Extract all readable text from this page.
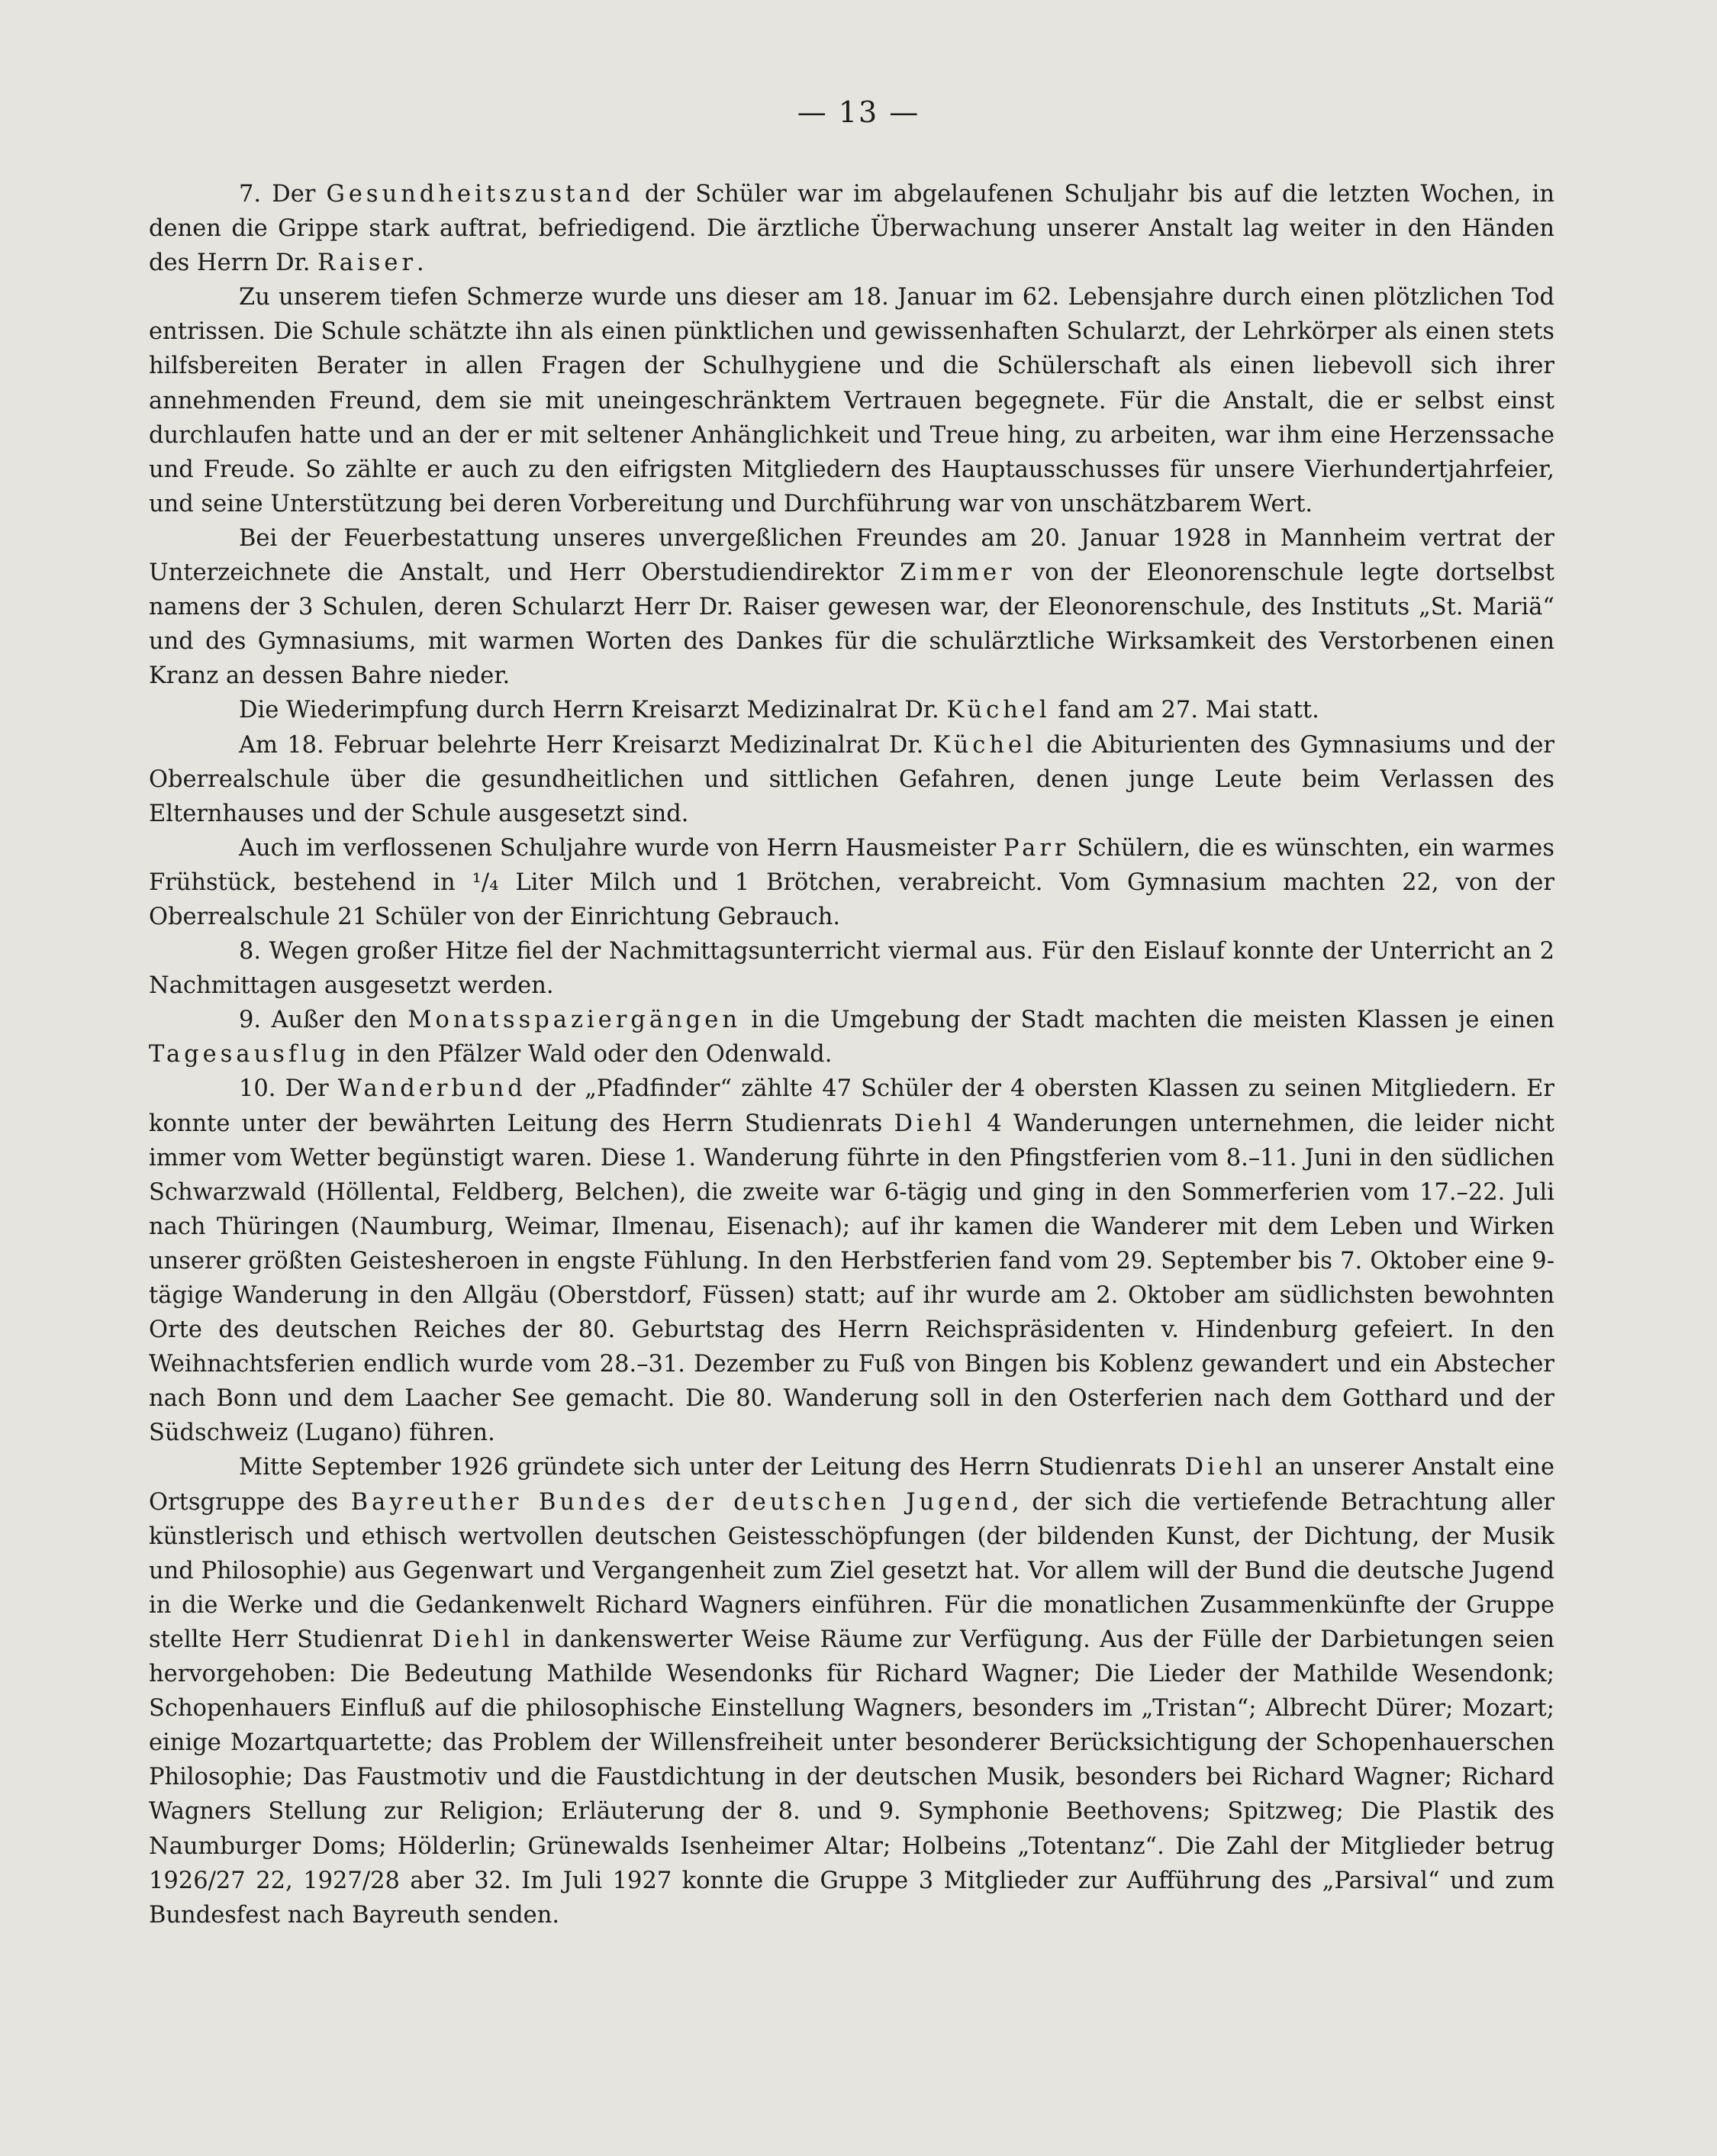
— 13 —

7. Der Gesundheitszustand der Schüler war im abgelaufenen Schuljahr bis auf die letzten Wochen, in denen die Grippe stark auftrat, befriedigend. Die ärztliche Überwachung unserer Anstalt lag weiter in den Händen des Herrn Dr. Raiser.

Zu unserem tiefen Schmerze wurde uns dieser am 18. Januar im 62. Lebensjahre durch einen plötzlichen Tod entrissen. Die Schule schätzte ihn als einen pünktlichen und gewissenhaften Schularzt, der Lehrkörper als einen stets hilfsbereiten Berater in allen Fragen der Schulhygiene und die Schülerschaft als einen liebevoll sich ihrer annehmenden Freund, dem sie mit uneingeschränktem Vertrauen begegnete. Für die Anstalt, die er selbst einst durchlaufen hatte und an der er mit seltener Anhänglichkeit und Treue hing, zu arbeiten, war ihm eine Herzenssache und Freude. So zählte er auch zu den eifrigsten Mitgliedern des Hauptausschusses für unsere Vierhundertjahrfeier, und seine Unterstützung bei deren Vorbereitung und Durchführung war von unschätzbarem Wert.

Bei der Feuerbestattung unseres unvergeßlichen Freundes am 20. Januar 1928 in Mannheim vertrat der Unterzeichnete die Anstalt, und Herr Oberstudiendirektor Zimmer von der Eleonorenschule legte dortselbst namens der 3 Schulen, deren Schularzt Herr Dr. Raiser gewesen war, der Eleonorenschule, des Instituts „St. Mariä“ und des Gymnasiums, mit warmen Worten des Dankes für die schulärztliche Wirksamkeit des Verstorbenen einen Kranz an dessen Bahre nieder.

Die Wiederimpfung durch Herrn Kreisarzt Medizinalrat Dr. Küchel fand am 27. Mai statt.

Am 18. Februar belehrte Herr Kreisarzt Medizinalrat Dr. Küchel die Abiturienten des Gymnasiums und der Oberrealschule über die gesundheitlichen und sittlichen Gefahren, denen junge Leute beim Verlassen des Elternhauses und der Schule ausgesetzt sind.

Auch im verflossenen Schuljahre wurde von Herrn Hausmeister Parr Schülern, die es wünschten, ein warmes Frühstück, bestehend in ¹/₄ Liter Milch und 1 Brötchen, verabreicht. Vom Gymnasium machten 22, von der Oberrealschule 21 Schüler von der Einrichtung Gebrauch.

8. Wegen großer Hitze fiel der Nachmittagsunterricht viermal aus. Für den Eislauf konnte der Unterricht an 2 Nachmittagen ausgesetzt werden.

9. Außer den Monatsspaziergängen in die Umgebung der Stadt machten die meisten Klassen je einen Tagesausflug in den Pfälzer Wald oder den Odenwald.

10. Der Wanderbund der „Pfadfinder“ zählte 47 Schüler der 4 obersten Klassen zu seinen Mitgliedern. Er konnte unter der bewährten Leitung des Herrn Studienrats Diehl 4 Wanderungen unternehmen, die leider nicht immer vom Wetter begünstigt waren. Diese 1. Wanderung führte in den Pfingstferien vom 8.–11. Juni in den südlichen Schwarzwald (Höllental, Feldberg, Belchen), die zweite war 6-tägig und ging in den Sommerferien vom 17.–22. Juli nach Thüringen (Naumburg, Weimar, Ilmenau, Eisenach); auf ihr kamen die Wanderer mit dem Leben und Wirken unserer größten Geistesheroen in engste Fühlung. In den Herbstferien fand vom 29. September bis 7. Oktober eine 9-tägige Wanderung in den Allgäu (Oberstdorf, Füssen) statt; auf ihr wurde am 2. Oktober am südlichsten bewohnten Orte des deutschen Reiches der 80. Geburtstag des Herrn Reichspräsidenten v. Hindenburg gefeiert. In den Weihnachtsferien endlich wurde vom 28.–31. Dezember zu Fuß von Bingen bis Koblenz gewandert und ein Abstecher nach Bonn und dem Laacher See gemacht. Die 80. Wanderung soll in den Osterferien nach dem Gotthard und der Südschweiz (Lugano) führen.

Mitte September 1926 gründete sich unter der Leitung des Herrn Studienrats Diehl an unserer Anstalt eine Ortsgruppe des Bayreuther Bundes der deutschen Jugend, der sich die vertiefende Betrachtung aller künstlerisch und ethisch wertvollen deutschen Geistesschöpfungen (der bildenden Kunst, der Dichtung, der Musik und Philosophie) aus Gegenwart und Vergangenheit zum Ziel gesetzt hat. Vor allem will der Bund die deutsche Jugend in die Werke und die Gedankenwelt Richard Wagners einführen. Für die monatlichen Zusammenkünfte der Gruppe stellte Herr Studienrat Diehl in dankenswerter Weise Räume zur Verfügung. Aus der Fülle der Darbietungen seien hervorgehoben: Die Bedeutung Mathilde Wesendonks für Richard Wagner; Die Lieder der Mathilde Wesendonk; Schopenhauers Einfluß auf die philosophische Einstellung Wagners, besonders im „Tristan“; Albrecht Dürer; Mozart; einige Mozartquartette; das Problem der Willensfreiheit unter besonderer Berücksichtigung der Schopenhauerschen Philosophie; Das Faustmotiv und die Faustdichtung in der deutschen Musik, besonders bei Richard Wagner; Richard Wagners Stellung zur Religion; Erläuterung der 8. und 9. Symphonie Beethovens; Spitzweg; Die Plastik des Naumburger Doms; Hölderlin; Grünewalds Isenheimer Altar; Holbeins „Totentanz“. Die Zahl der Mitglieder betrug 1926/27 22, 1927/28 aber 32. Im Juli 1927 konnte die Gruppe 3 Mitglieder zur Aufführung des „Parsival“ und zum Bundesfest nach Bayreuth senden.
